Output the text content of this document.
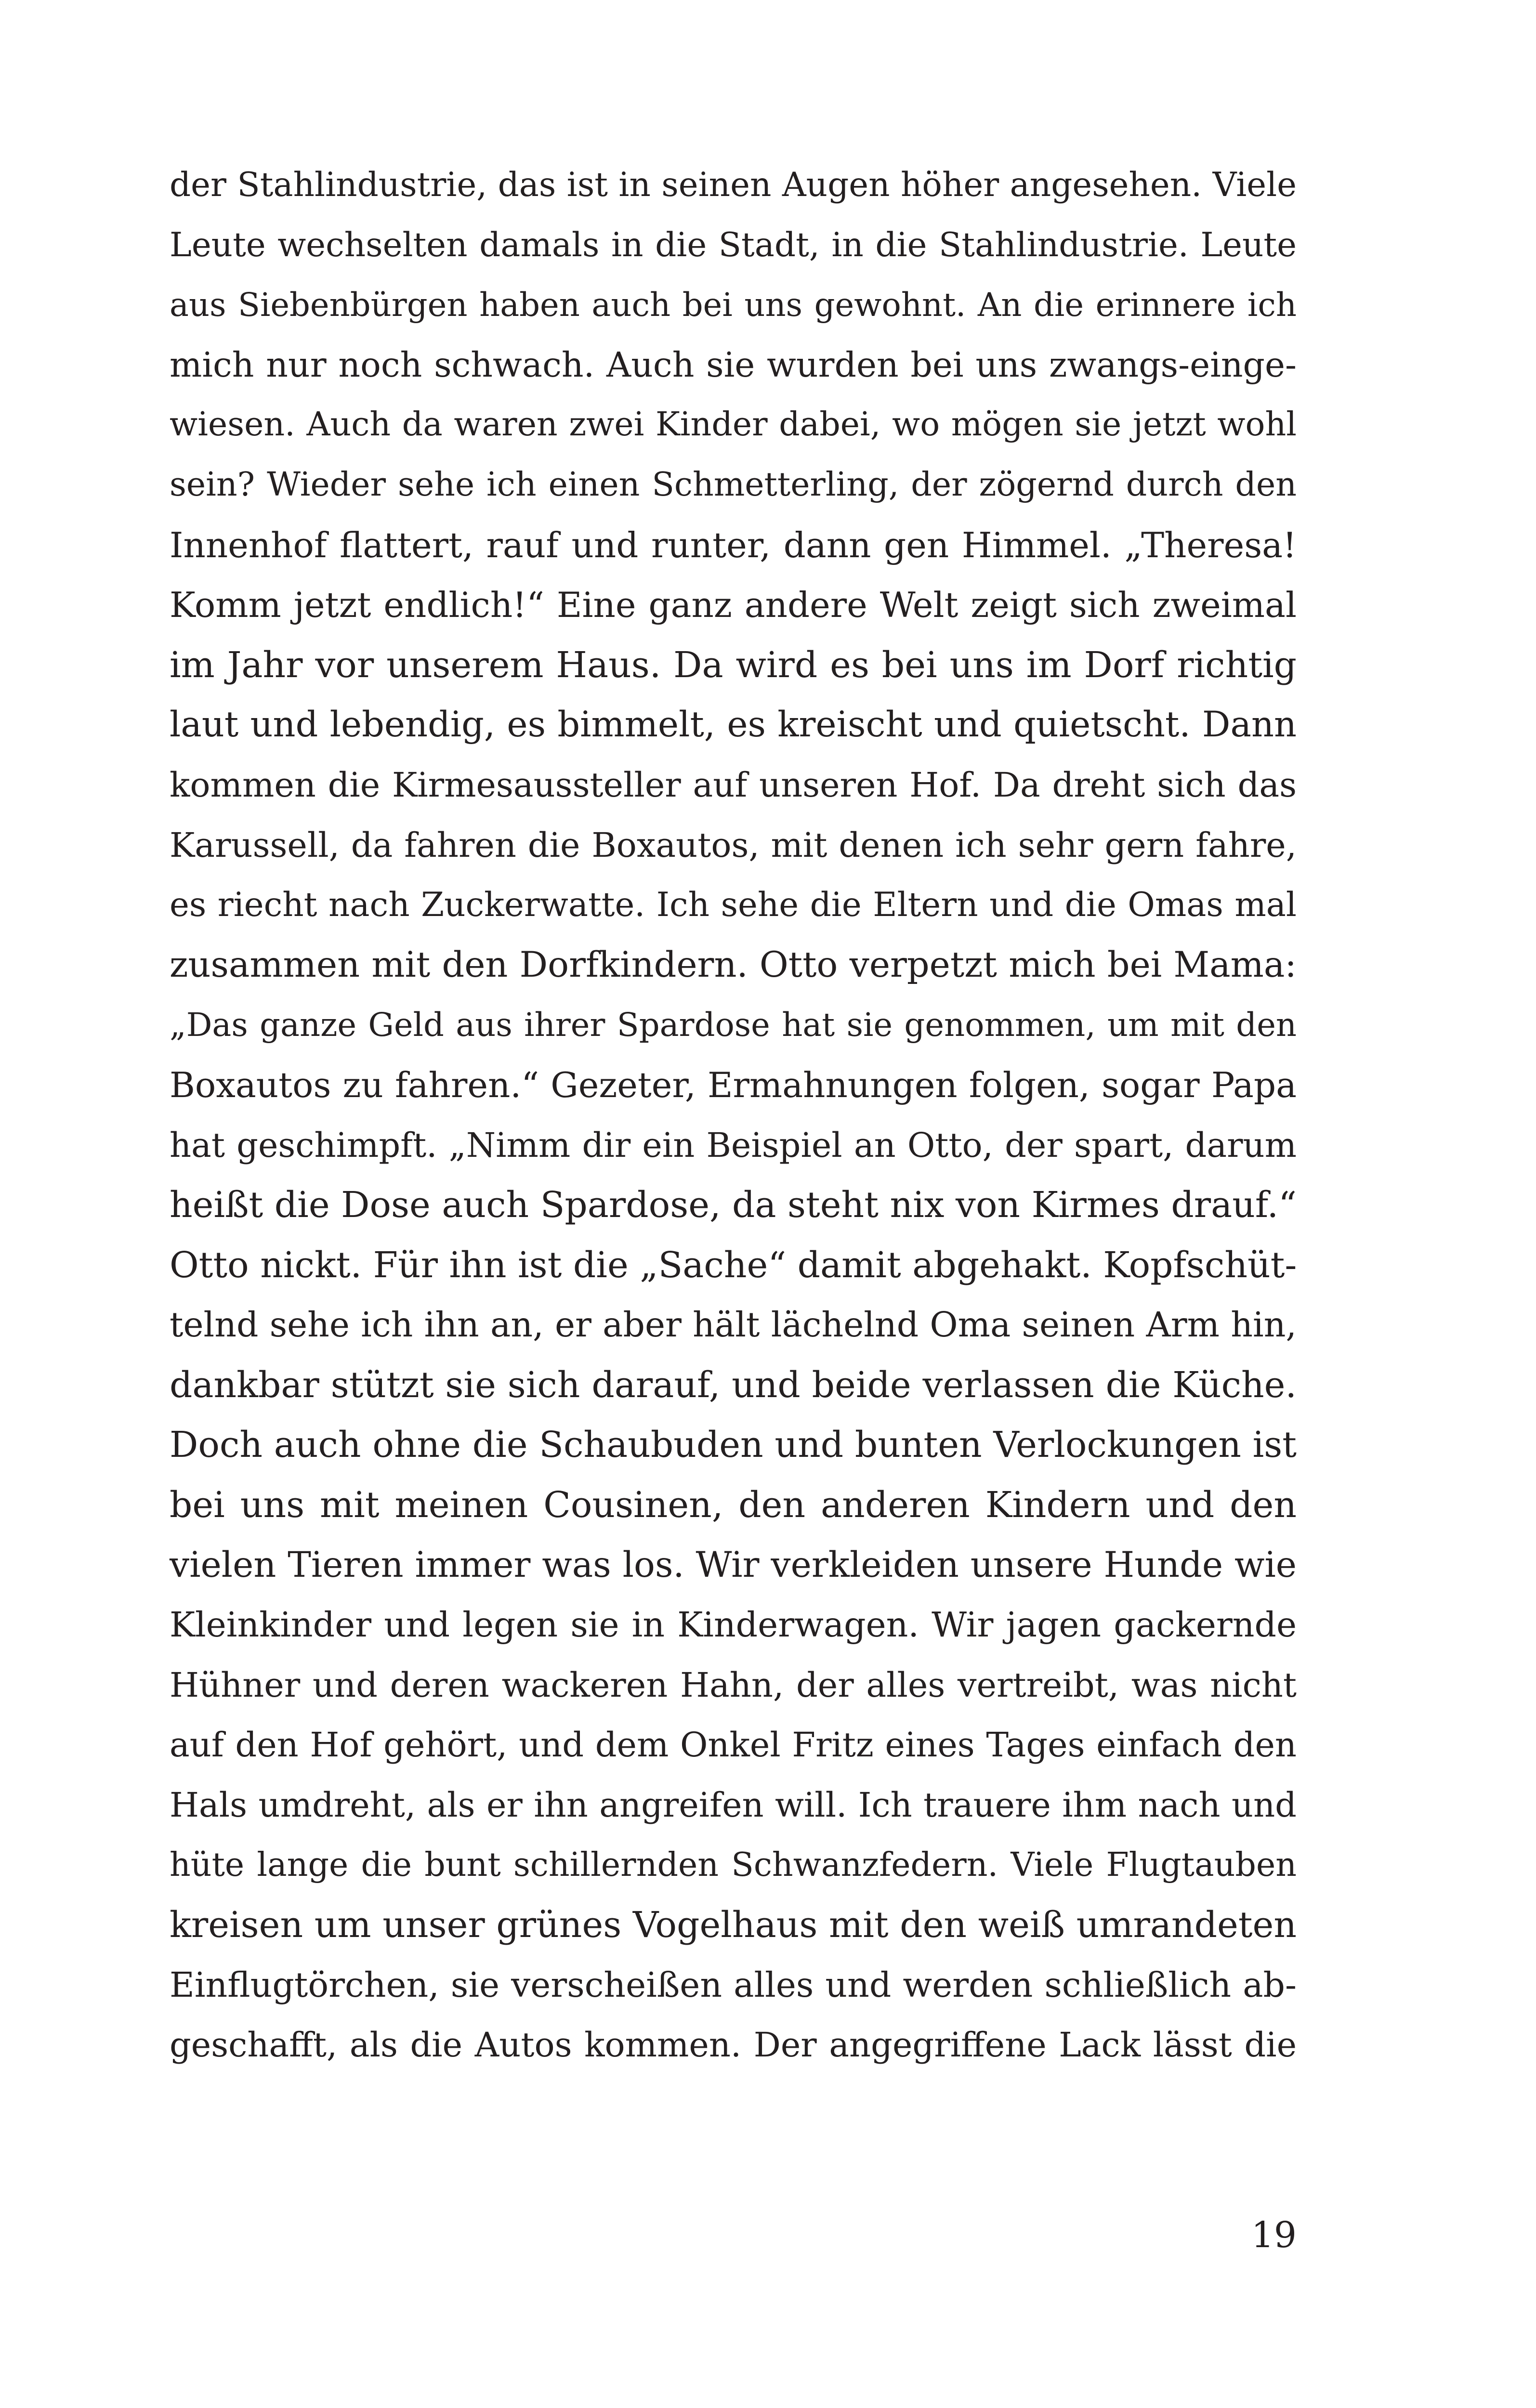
der Stahlindustrie, das ist in seinen Augen höher angesehen. Viele
Leute wechselten damals in die Stadt, in die Stahlindustrie. Leute
aus Siebenbürgen haben auch bei uns gewohnt. An die erinnere ich
mich nur noch schwach. Auch sie wurden bei uns zwangs-einge-
wiesen. Auch da waren zwei Kinder dabei, wo mögen sie jetzt wohl
sein? Wieder sehe ich einen Schmetterling, der zögernd durch den
Innenhof flattert, rauf und runter, dann gen Himmel. „Theresa!
Komm jetzt endlich!“ Eine ganz andere Welt zeigt sich zweimal
im Jahr vor unserem Haus. Da wird es bei uns im Dorf richtig
laut und lebendig, es bimmelt, es kreischt und quietscht. Dann
kommen die Kirmesaussteller auf unseren Hof. Da dreht sich das
Karussell, da fahren die Boxautos, mit denen ich sehr gern fahre,
es riecht nach Zuckerwatte. Ich sehe die Eltern und die Omas mal
zusammen mit den Dorfkindern. Otto verpetzt mich bei Mama:
„Das ganze Geld aus ihrer Spardose hat sie genommen, um mit den
Boxautos zu fahren.“ Gezeter, Ermahnungen folgen, sogar Papa
hat geschimpft. „Nimm dir ein Beispiel an Otto, der spart, darum
heißt die Dose auch Spardose, da steht nix von Kirmes drauf.“
Otto nickt. Für ihn ist die „Sache“ damit abgehakt. Kopfschüt-
telnd sehe ich ihn an, er aber hält lächelnd Oma seinen Arm hin,
dankbar stützt sie sich darauf, und beide verlassen die Küche.
Doch auch ohne die Schaubuden und bunten Verlockungen ist
bei uns mit meinen Cousinen, den anderen Kindern und den
vielen Tieren immer was los. Wir verkleiden unsere Hunde wie
Kleinkinder und legen sie in Kinderwagen. Wir jagen gackernde
Hühner und deren wackeren Hahn, der alles vertreibt, was nicht
auf den Hof gehört, und dem Onkel Fritz eines Tages einfach den
Hals umdreht, als er ihn angreifen will. Ich trauere ihm nach und
hüte lange die bunt schillernden Schwanzfedern. Viele Flugtauben
kreisen um unser grünes Vogelhaus mit den weiß umrandeten
Einflugtörchen, sie verscheißen alles und werden schließlich ab-
geschafft, als die Autos kommen. Der angegriffene Lack lässt die
19
